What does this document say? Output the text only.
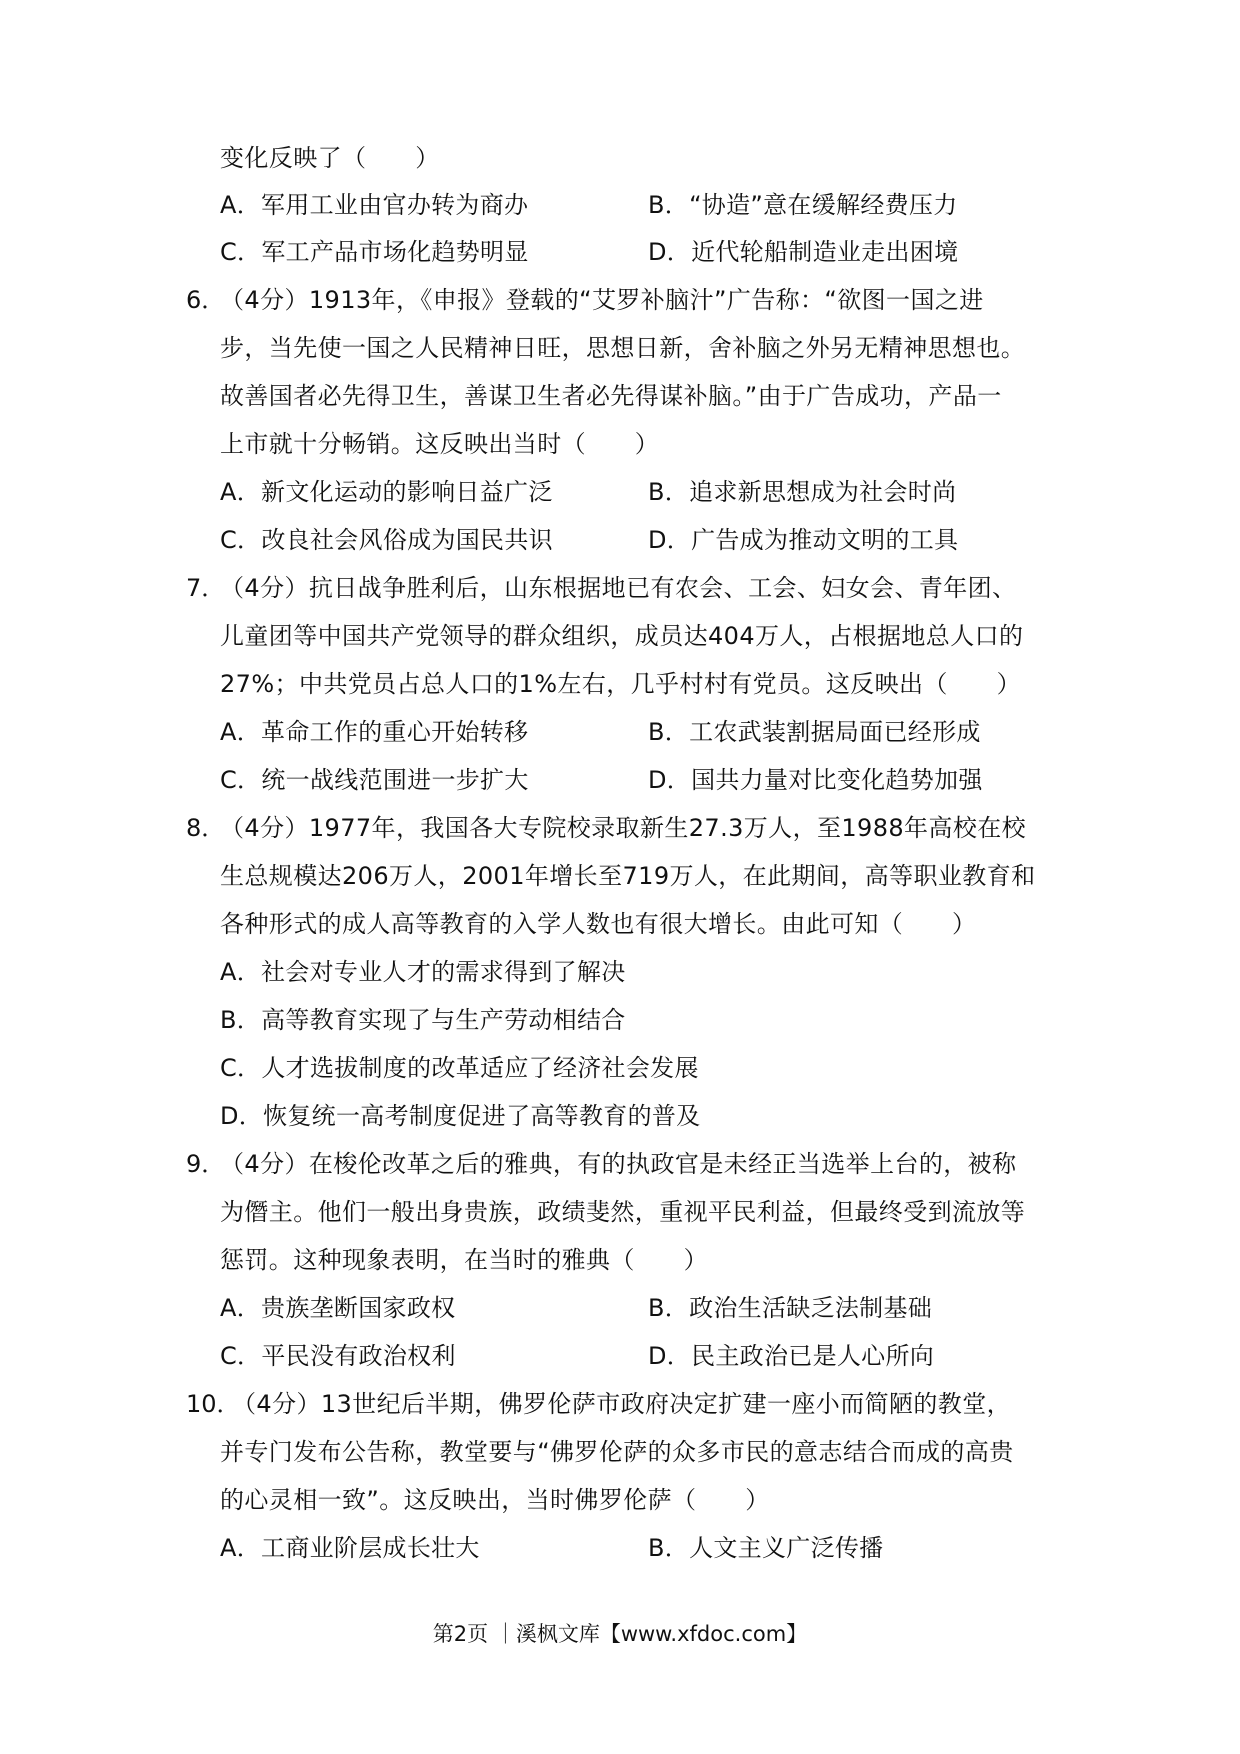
变化反映了（　　）
A．军用工业由官办转为商办	B．“协造”意在缓解经费压力
C．军工产品市场化趋势明显	D．近代轮船制造业走出困境
6．
（4分）1913年，《申报》登载的“艾罗补脑汁”广告称：“欲图一国之进
步，当先使一国之人民精神日旺，思想日新，舍补脑之外另无精神思想也。
故善国者必先得卫生，善谋卫生者必先得谋补脑。”由于广告成功，产品一
上市就十分畅销。这反映出当时（　　）
A．新文化运动的影响日益广泛	B．追求新思想成为社会时尚
C．改良社会风俗成为国民共识	D．广告成为推动文明的工具
7．
（4分）抗日战争胜利后，山东根据地已有农会、工会、妇女会、青年团、
儿童团等中国共产党领导的群众组织，成员达404万人，占根据地总人口的
27%；中共党员占总人口的1%左右，几乎村村有党员。这反映出（　　）
A．革命工作的重心开始转移	B．工农武装割据局面已经形成
C．统一战线范围进一步扩大	D．国共力量对比变化趋势加强
8．
（4分）1977年，我国各大专院校录取新生27.3万人，至1988年高校在校
生总规模达206万人，2001年增长至719万人，在此期间，高等职业教育和
各种形式的成人高等教育的入学人数也有很大增长。由此可知（　　）
A．社会对专业人才的需求得到了解决
B．高等教育实现了与生产劳动相结合
C．人才选拔制度的改革适应了经济社会发展
D．恢复统一高考制度促进了高等教育的普及
9．
（4分）在梭伦改革之后的雅典，有的执政官是未经正当选举上台的，被称
为僭主。他们一般出身贵族，政绩斐然，重视平民利益，但最终受到流放等
惩罚。这种现象表明，在当时的雅典（　　）
A．贵族垄断国家政权	B．政治生活缺乏法制基础
C．平民没有政治权利	D．民主政治已是人心所向
10．
（4分）13世纪后半期，佛罗伦萨市政府决定扩建一座小而简陋的教堂，
并专门发布公告称，教堂要与“佛罗伦萨的众多市民的意志结合而成的高贵
的心灵相一致”。这反映出，当时佛罗伦萨（　　）
A．工商业阶层成长壮大	B．人文主义广泛传播
第2页 ｜溪枫文库【www.xfdoc.com】
